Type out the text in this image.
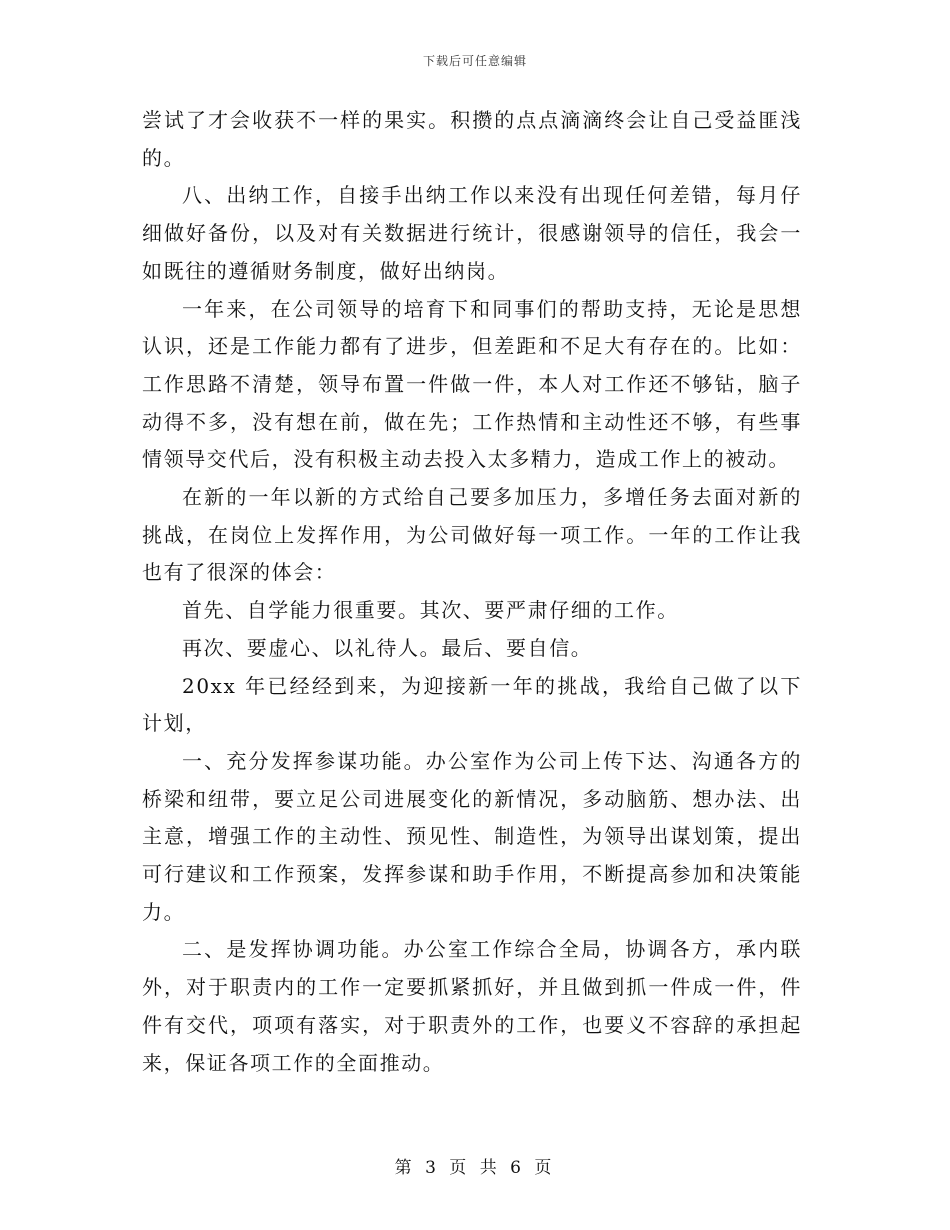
下载后可任意编辑

尝试了才会收获不一样的果实。积攒的点点滴滴终会让自己受益匪浅的。

八、出纳工作，自接手出纳工作以来没有出现任何差错，每月仔细做好备份，以及对有关数据进行统计，很感谢领导的信任，我会一如既往的遵循财务制度，做好出纳岗。

一年来，在公司领导的培育下和同事们的帮助支持，无论是思想认识，还是工作能力都有了进步，但差距和不足大有存在的。比如：工作思路不清楚，领导布置一件做一件，本人对工作还不够钻，脑子动得不多，没有想在前，做在先；工作热情和主动性还不够，有些事情领导交代后，没有积极主动去投入太多精力，造成工作上的被动。

在新的一年以新的方式给自己要多加压力，多增任务去面对新的挑战，在岗位上发挥作用，为公司做好每一项工作。一年的工作让我也有了很深的体会：

首先、自学能力很重要。其次、要严肃仔细的工作。

再次、要虚心、以礼待人。最后、要自信。

20xx 年已经经到来，为迎接新一年的挑战，我给自己做了以下计划，

一、充分发挥参谋功能。办公室作为公司上传下达、沟通各方的桥梁和纽带，要立足公司进展变化的新情况，多动脑筋、想办法、出主意，增强工作的主动性、预见性、制造性，为领导出谋划策，提出可行建议和工作预案，发挥参谋和助手作用，不断提高参加和决策能力。

二、是发挥协调功能。办公室工作综合全局，协调各方，承内联外，对于职责内的工作一定要抓紧抓好，并且做到抓一件成一件，件件有交代，项项有落实，对于职责外的工作，也要义不容辞的承担起来，保证各项工作的全面推动。

第 3 页 共 6 页
